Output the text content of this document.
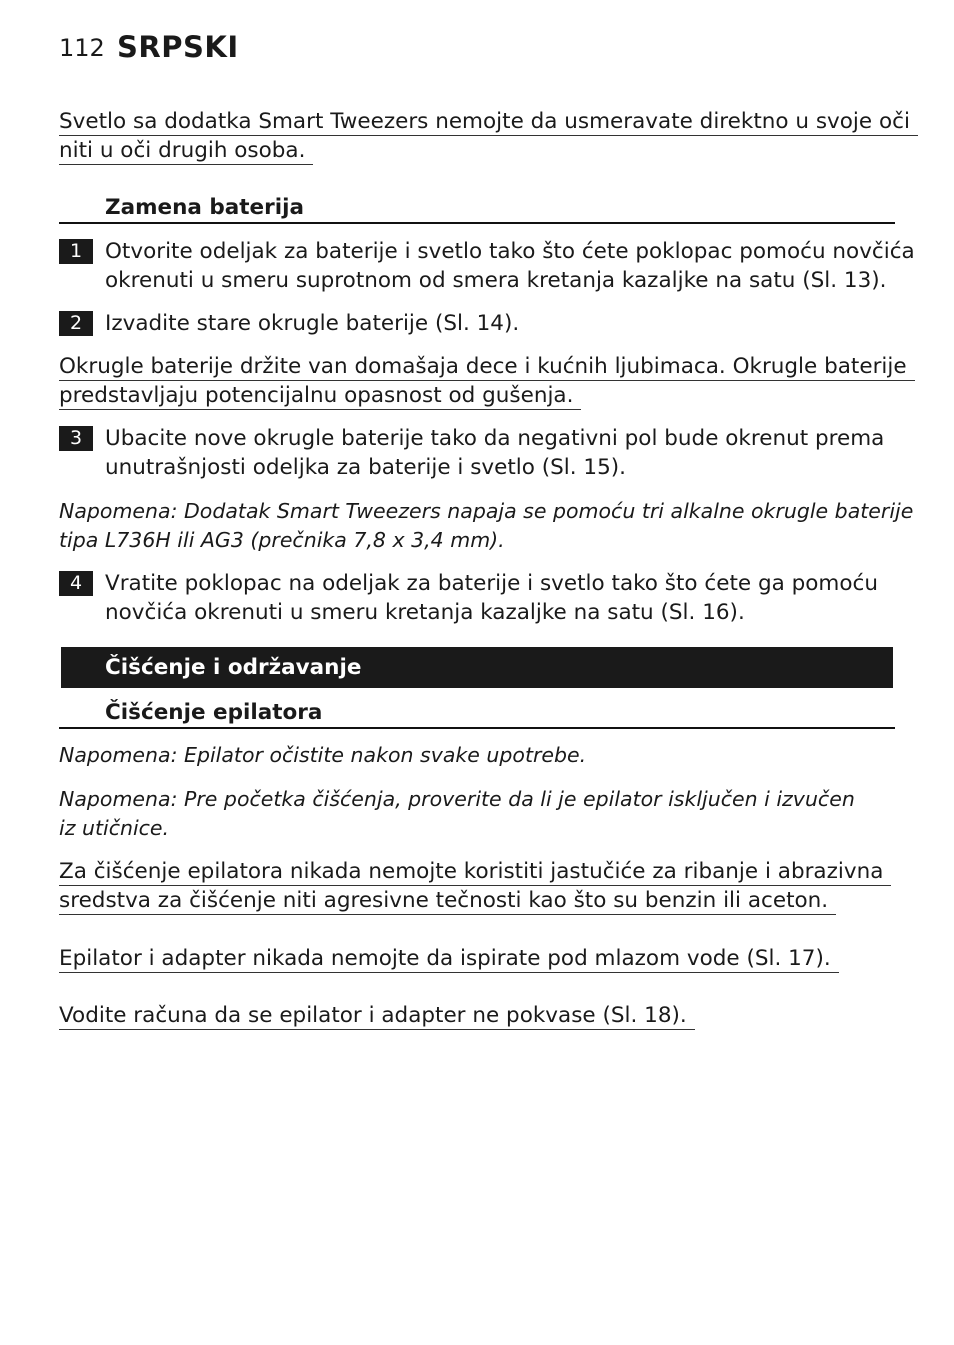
112 SRPSKI
Svetlo sa dodatka Smart Tweezers nemojte da usmeravate direktno u svoje oči
niti u oči drugih osoba.
Zamena baterija
1	Otvorite odeljak za baterije i svetlo tako što ćete poklopac pomoću novčića
okrenuti u smeru suprotnom od smera kretanja kazaljke na satu (Sl. 13).
2	Izvadite stare okrugle baterije (Sl. 14).
Okrugle baterije držite van domašaja dece i kućnih ljubimaca. Okrugle baterije
predstavljaju potencijalnu opasnost od gušenja.
3	Ubacite nove okrugle baterije tako da negativni pol bude okrenut prema
unutrašnjosti odeljka za baterije i svetlo (Sl. 15).
Napomena: Dodatak Smart Tweezers napaja se pomoću tri alkalne okrugle baterije
tipa L736H ili AG3 (prečnika 7,8 x 3,4 mm).
4	Vratite poklopac na odeljak za baterije i svetlo tako što ćete ga pomoću
novčića okrenuti u smeru kretanja kazaljke na satu (Sl. 16).
Čišćenje i održavanje
Čišćenje epilatora
Napomena: Epilator očistite nakon svake upotrebe.
Napomena: Pre početka čišćenja, proverite da li je epilator isključen i izvučen
iz utičnice.
Za čišćenje epilatora nikada nemojte koristiti jastučiće za ribanje i abrazivna
sredstva za čišćenje niti agresivne tečnosti kao što su benzin ili aceton.
Epilator i adapter nikada nemojte da ispirate pod mlazom vode (Sl. 17).
Vodite računa da se epilator i adapter ne pokvase (Sl. 18).
